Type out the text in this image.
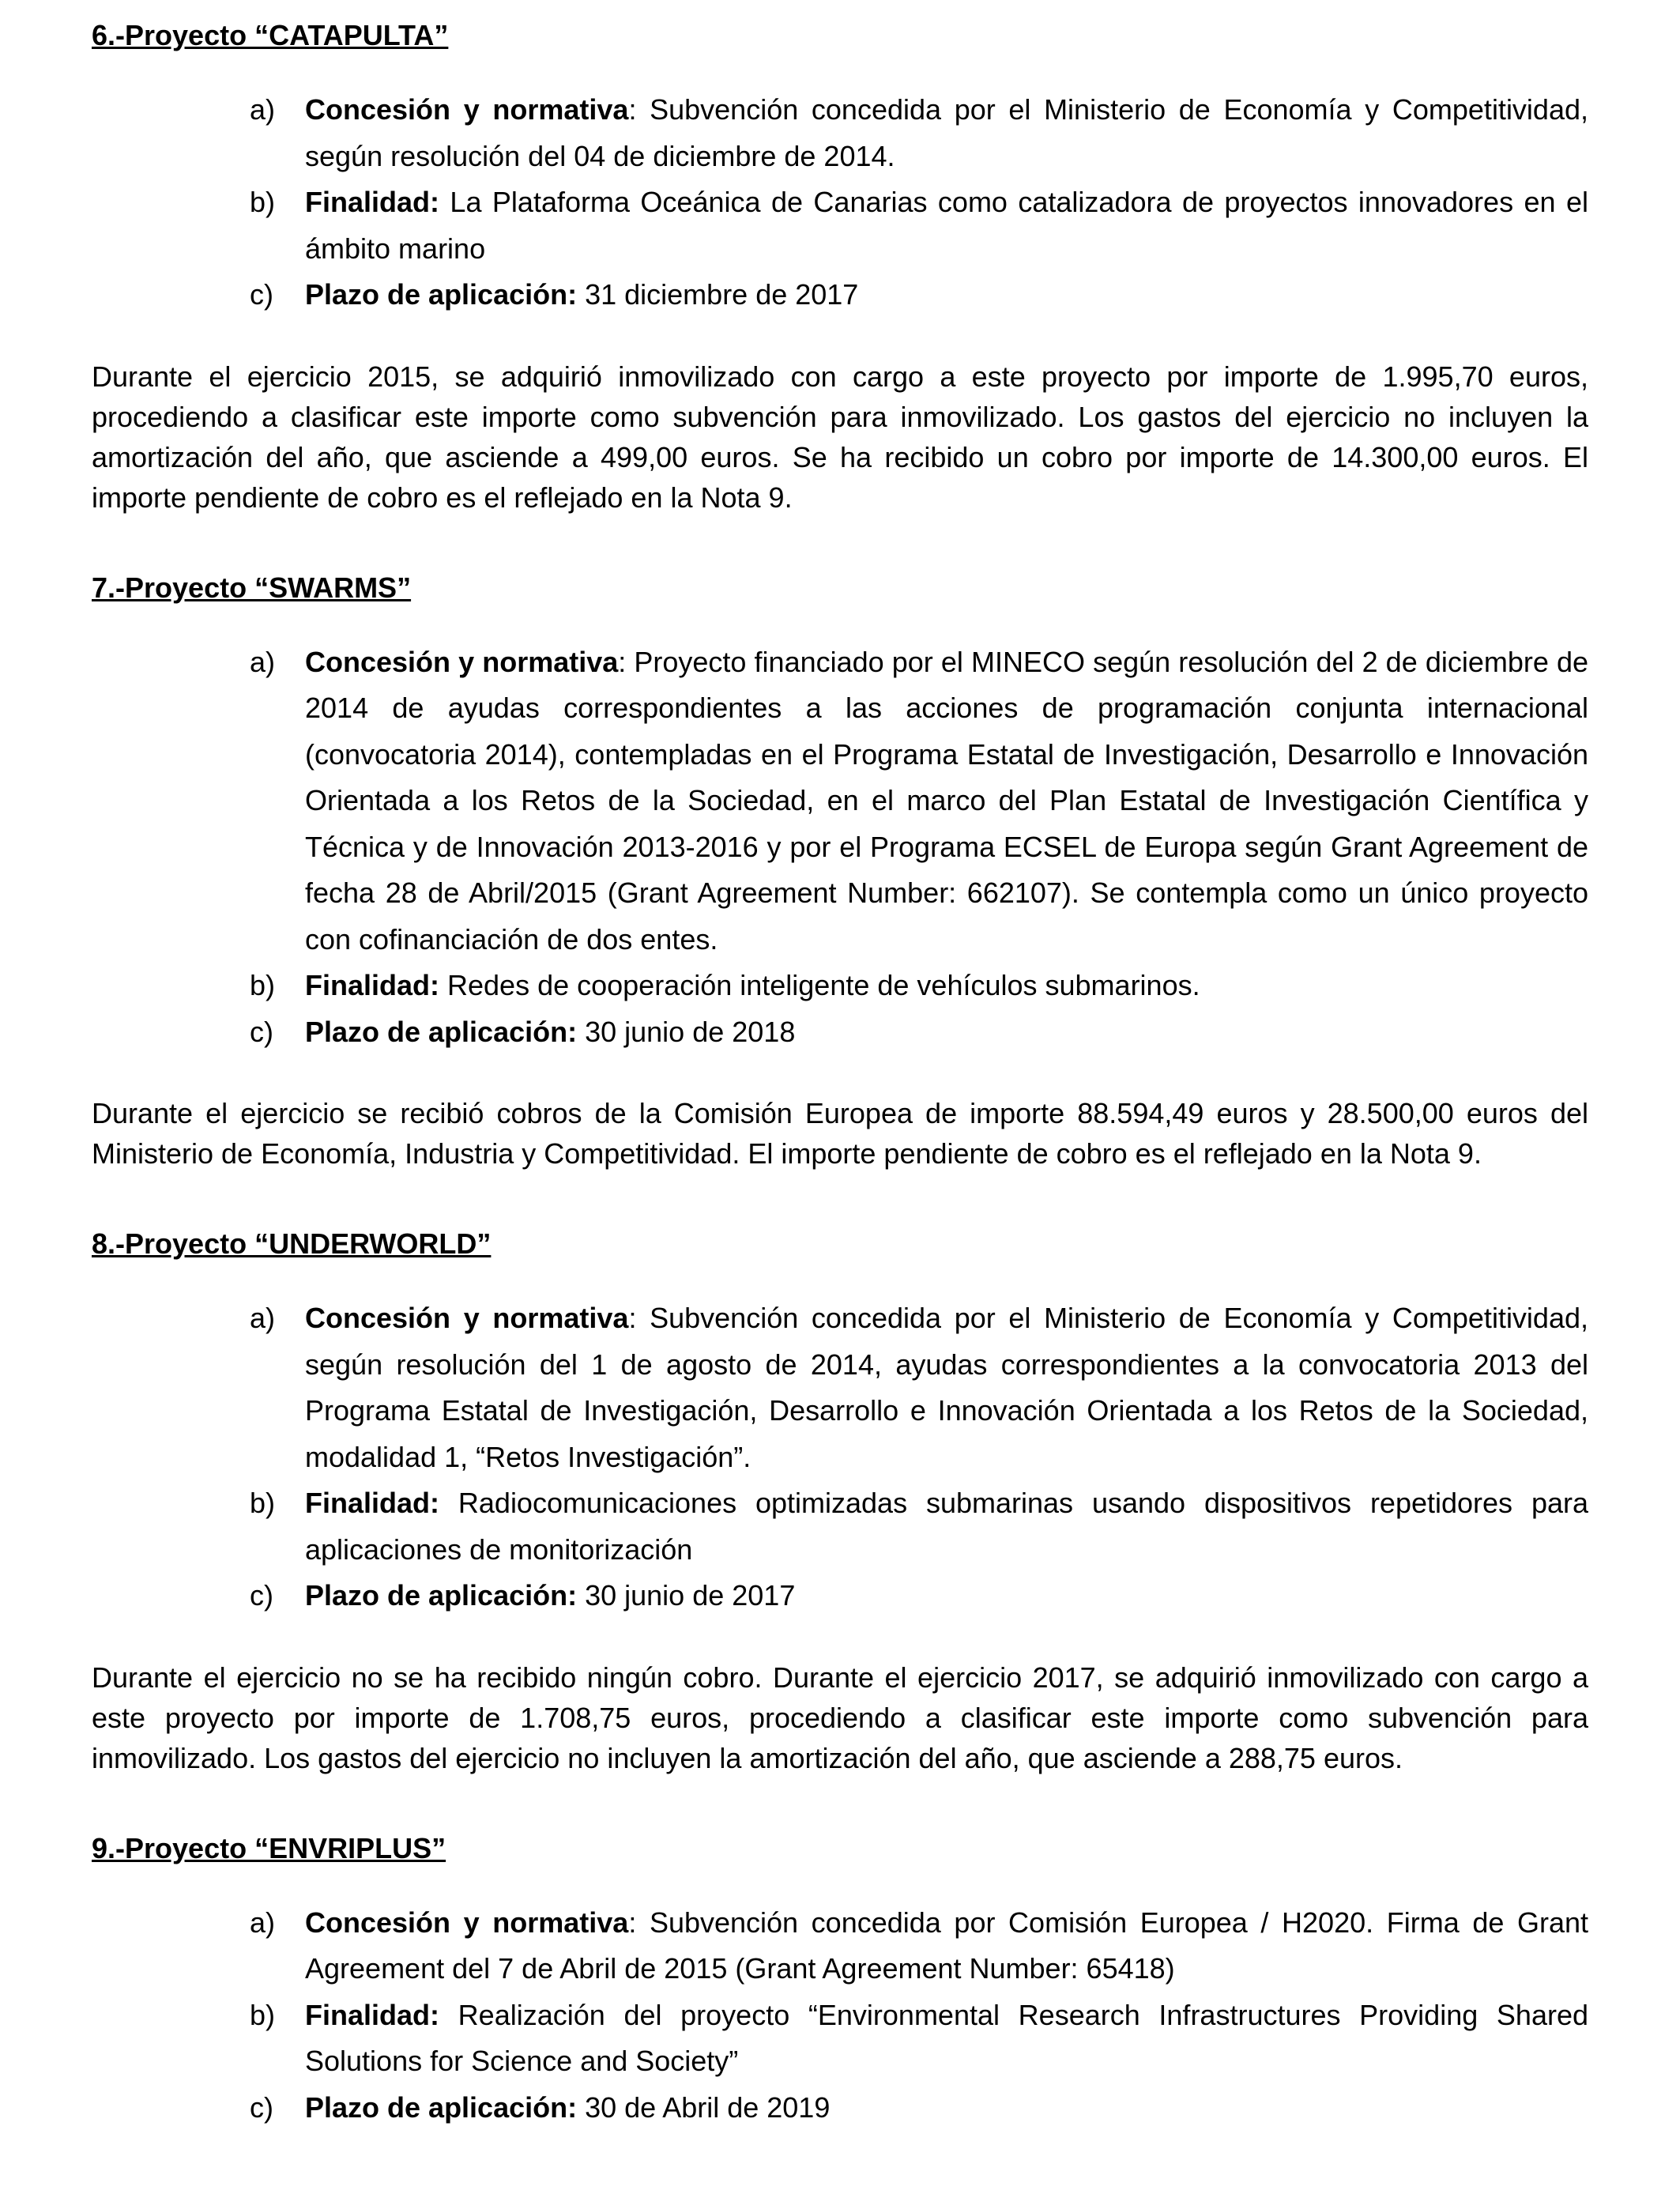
6.-Proyecto “CATAPULTA”
a) Concesión y normativa: Subvención concedida por el Ministerio de Economía y Competitividad, según resolución del 04 de diciembre de 2014.
b) Finalidad: La Plataforma Oceánica de Canarias como catalizadora de proyectos innovadores en el ámbito marino
c) Plazo de aplicación: 31 diciembre de 2017

Durante el ejercicio 2015, se adquirió inmovilizado con cargo a este proyecto por importe de 1.995,70 euros, procediendo a clasificar este importe como subvención para inmovilizado. Los gastos del ejercicio no incluyen la amortización del año, que asciende a 499,00 euros. Se ha recibido un cobro por importe de 14.300,00 euros. El importe pendiente de cobro es el reflejado en la Nota 9.

7.-Proyecto “SWARMS”
a) Concesión y normativa: Proyecto financiado por el MINECO según resolución del 2 de diciembre de 2014 de ayudas correspondientes a las acciones de programación conjunta internacional (convocatoria 2014), contempladas en el Programa Estatal de Investigación, Desarrollo e Innovación Orientada a los Retos de la Sociedad, en el marco del Plan Estatal de Investigación Científica y Técnica y de Innovación 2013-2016 y por el Programa ECSEL de Europa según Grant Agreement de fecha 28 de Abril/2015 (Grant Agreement Number: 662107). Se contempla como un único proyecto con cofinanciación de dos entes.
b) Finalidad: Redes de cooperación inteligente de vehículos submarinos.
c) Plazo de aplicación: 30 junio de 2018

Durante el ejercicio se recibió cobros de la Comisión Europea de importe 88.594,49 euros y 28.500,00 euros del Ministerio de Economía, Industria y Competitividad. El importe pendiente de cobro es el reflejado en la Nota 9.

8.-Proyecto “UNDERWORLD”
a) Concesión y normativa: Subvención concedida por el Ministerio de Economía y Competitividad, según resolución del 1 de agosto de 2014, ayudas correspondientes a la convocatoria 2013 del Programa Estatal de Investigación, Desarrollo e Innovación Orientada a los Retos de la Sociedad, modalidad 1, “Retos Investigación”.
b) Finalidad: Radiocomunicaciones optimizadas submarinas usando dispositivos repetidores para aplicaciones de monitorización
c) Plazo de aplicación: 30 junio de 2017

Durante el ejercicio no se ha recibido ningún cobro. Durante el ejercicio 2017, se adquirió inmovilizado con cargo a este proyecto por importe de 1.708,75 euros, procediendo a clasificar este importe como subvención para inmovilizado. Los gastos del ejercicio no incluyen la amortización del año, que asciende a 288,75 euros.

9.-Proyecto “ENVRIPLUS”
a) Concesión y normativa: Subvención concedida por Comisión Europea / H2020. Firma de Grant Agreement del 7 de Abril de 2015 (Grant Agreement Number: 65418)
b) Finalidad: Realización del proyecto “Environmental Research Infrastructures Providing Shared Solutions for Science and Society”
c) Plazo de aplicación: 30 de Abril de 2019
